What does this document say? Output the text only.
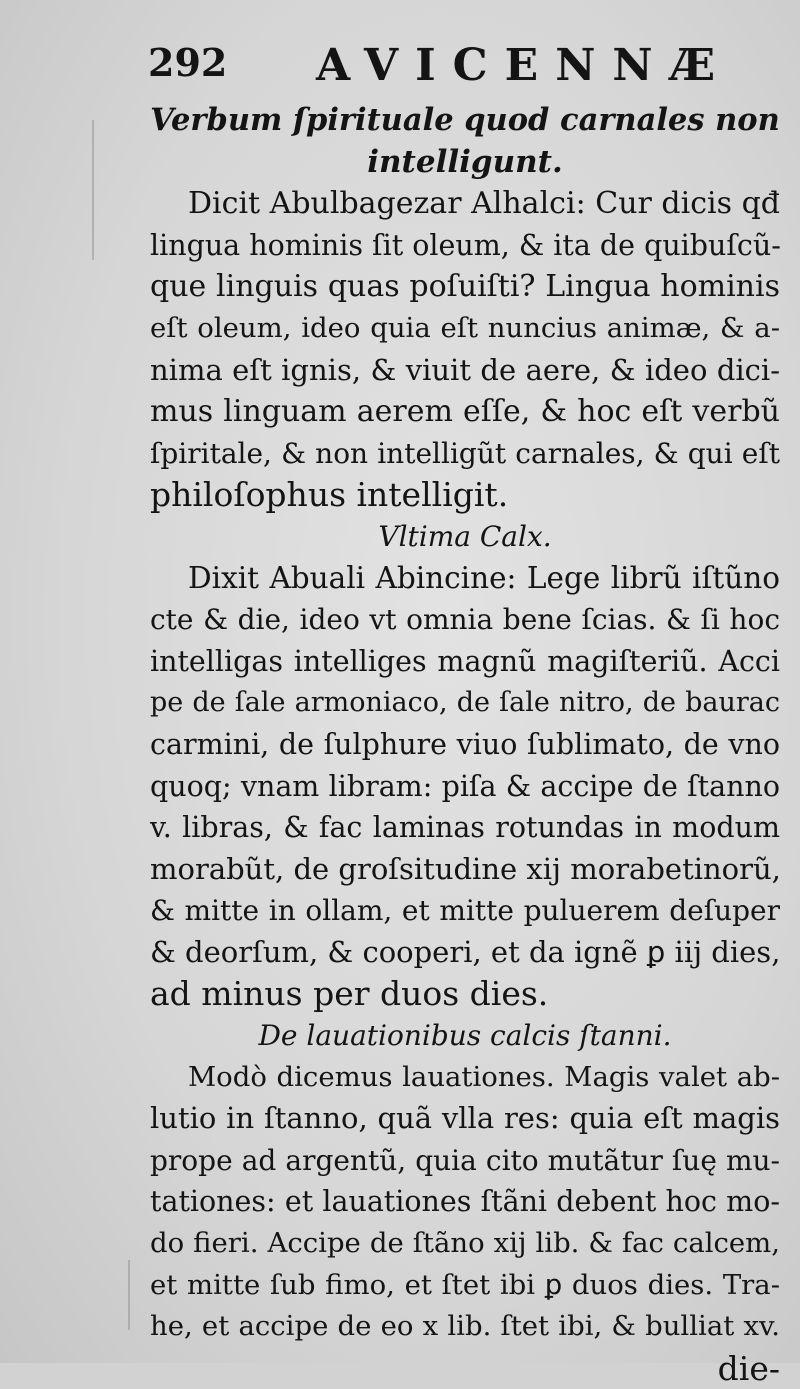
292 AVICENNÆ
Verbum ſpirituale quod carnales non
intelligunt.
Dicit Abulbagezar Alhalci: Cur dicis qđ
lingua hominis ſit oleum, & ita de quibuſcũ-
que linguis quas poſuiſti? Lingua hominis
eſt oleum, ideo quia eſt nuncius animæ, & a-
nima eſt ignis, & viuit de aere, & ideo dici-
mus linguam aerem eſſe, & hoc eſt verbũ
ſpiritale, & non intelligũt carnales, & qui eſt
philoſophus intelligit.
Vltima Calx.
Dixit Abuali Abincine: Lege librũ iſtũno
cte & die, ideo vt omnia bene ſcias. & ſi hoc
intelligas intelliges magnũ magiſteriũ. Acci
pe de ſale armoniaco, de ſale nitro, de baurac
carmini, de ſulphure viuo ſublimato, de vno
quoq; vnam libram: piſa & accipe de ſtanno
v. libras, & fac laminas rotundas in modum
morabũt, de groſsitudine xij morabetinorũ,
& mitte in ollam, et mitte puluerem deſuper
& deorſum, & cooperi, et da ignẽ ꝑ iij dies,
ad minus per duos dies.
De lauationibus calcis ſtanni.
Modò dicemus lauationes. Magis valet ab-
lutio in ſtanno, quã vlla res: quia eſt magis
prope ad argentũ, quia cito mutãtur ſuę mu-
tationes: et lauationes ſtãni debent hoc mo-
do fieri. Accipe de ſtãno xij lib. & fac calcem,
et mitte ſub fimo, et ſtet ibi ꝑ duos dies. Tra-
he, et accipe de eo x lib. ſtet ibi, & bulliat xv.
die-
